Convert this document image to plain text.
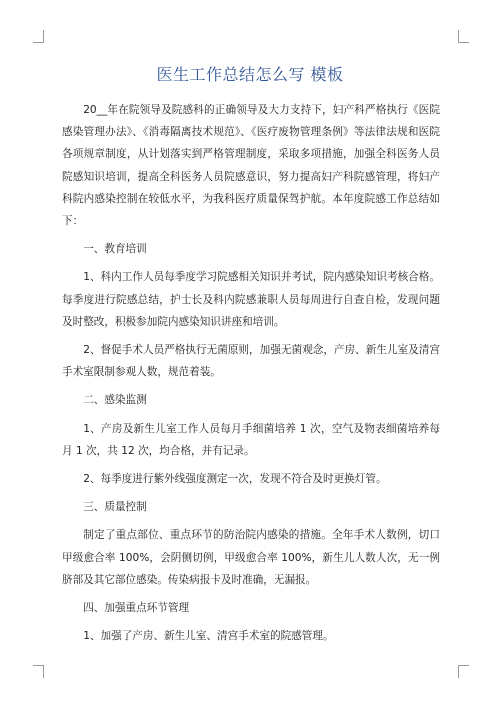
医生工作总结怎么写 模板

20__年在院领导及院感科的正确领导及大力支持下，妇产科严格执行《医院感染管理办法》、《消毒隔离技术规范》、《医疗废物管理条例》等法律法规和医院各项规章制度，从计划落实到严格管理制度，采取多项措施，加强全科医务人员院感知识培训，提高全科医务人员院感意识，努力提高妇产科院感管理，将妇产科院内感染控制在较低水平，为我科医疗质量保驾护航。本年度院感工作总结如下：

一、教育培训

1、科内工作人员每季度学习院感相关知识并考试，院内感染知识考核合格。每季度进行院感总结，护士长及科内院感兼职人员每周进行自查自检，发现问题及时整改，积极参加院内感染知识讲座和培训。

2、督促手术人员严格执行无菌原则，加强无菌观念，产房、新生儿室及清宫手术室限制参观人数，规范着装。

二、感染监测

1、产房及新生儿室工作人员每月手细菌培养 1 次，空气及物表细菌培养每月 1 次，共 12 次，均合格，并有记录。

2、每季度进行紫外线强度测定一次，发现不符合及时更换灯管。

三、质量控制

制定了重点部位、重点环节的防治院内感染的措施。全年手术人数例，切口甲级愈合率 100%，会阴侧切例，甲级愈合率 100%，新生儿人数人次，无一例脐部及其它部位感染。传染病报卡及时准确，无漏报。

四、加强重点环节管理

1、加强了产房、新生儿室、清宫手术室的院感管理。
